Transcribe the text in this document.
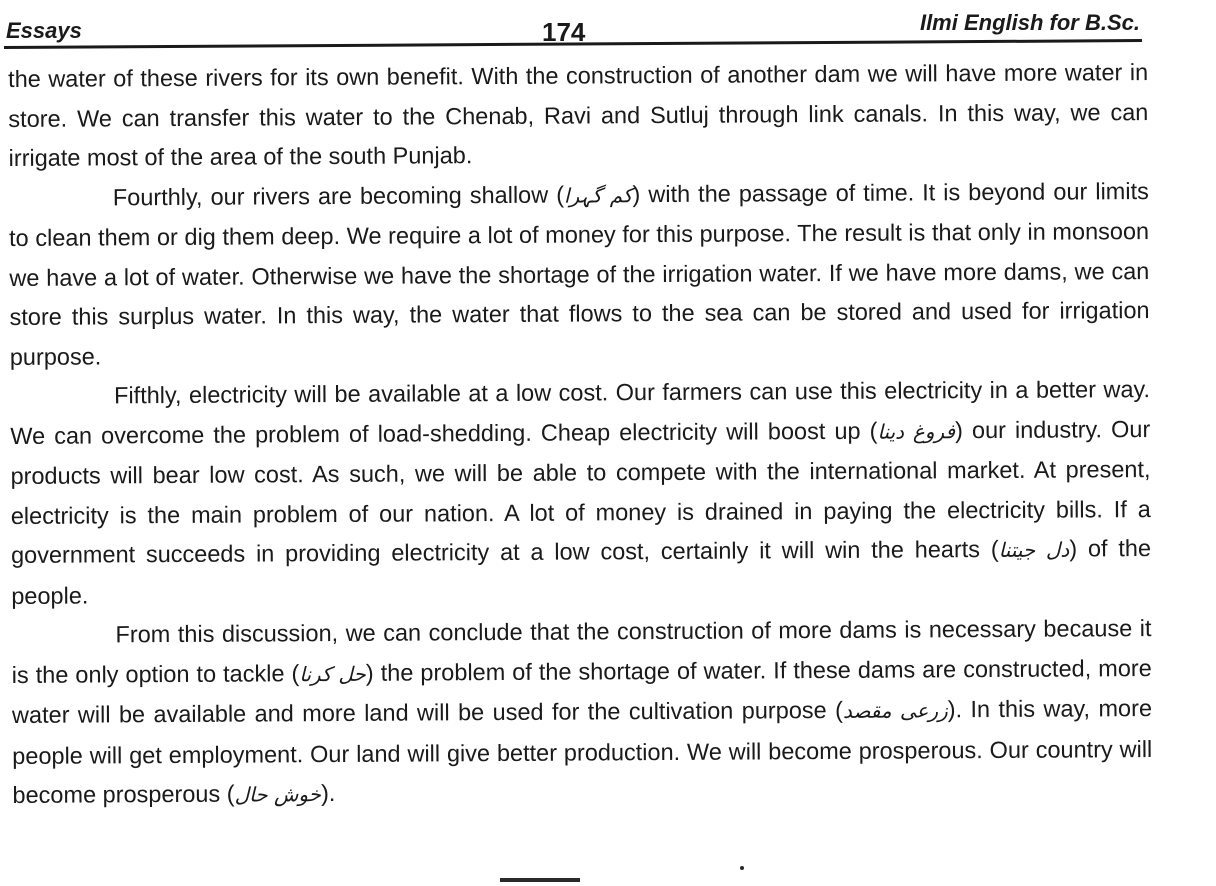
Essays	174	Ilmi English for B.Sc.

the water of these rivers for its own benefit. With the construction of another dam we will have more water in store. We can transfer this water to the Chenab, Ravi and Sutluj through link canals. In this way, we can irrigate most of the area of the south Punjab.

Fourthly, our rivers are becoming shallow (کم گہرا) with the passage of time. It is beyond our limits to clean them or dig them deep. We require a lot of money for this purpose. The result is that only in monsoon we have a lot of water. Otherwise we have the shortage of the irrigation water. If we have more dams, we can store this surplus water. In this way, the water that flows to the sea can be stored and used for irrigation purpose.

Fifthly, electricity will be available at a low cost. Our farmers can use this electricity in a better way. We can overcome the problem of load-shedding. Cheap electricity will boost up (فروغ دینا) our industry. Our products will bear low cost. As such, we will be able to compete with the international market. At present, electricity is the main problem of our nation. A lot of money is drained in paying the electricity bills. If a government succeeds in providing electricity at a low cost, certainly it will win the hearts (دل جیتنا) of the people.

From this discussion, we can conclude that the construction of more dams is necessary because it is the only option to tackle (حل کرنا) the problem of the shortage of water. If these dams are constructed, more water will be available and more land will be used for the cultivation purpose (زرعی مقصد). In this way, more people will get employment. Our land will give better production. We will become prosperous. Our country will become prosperous (خوش حال).
